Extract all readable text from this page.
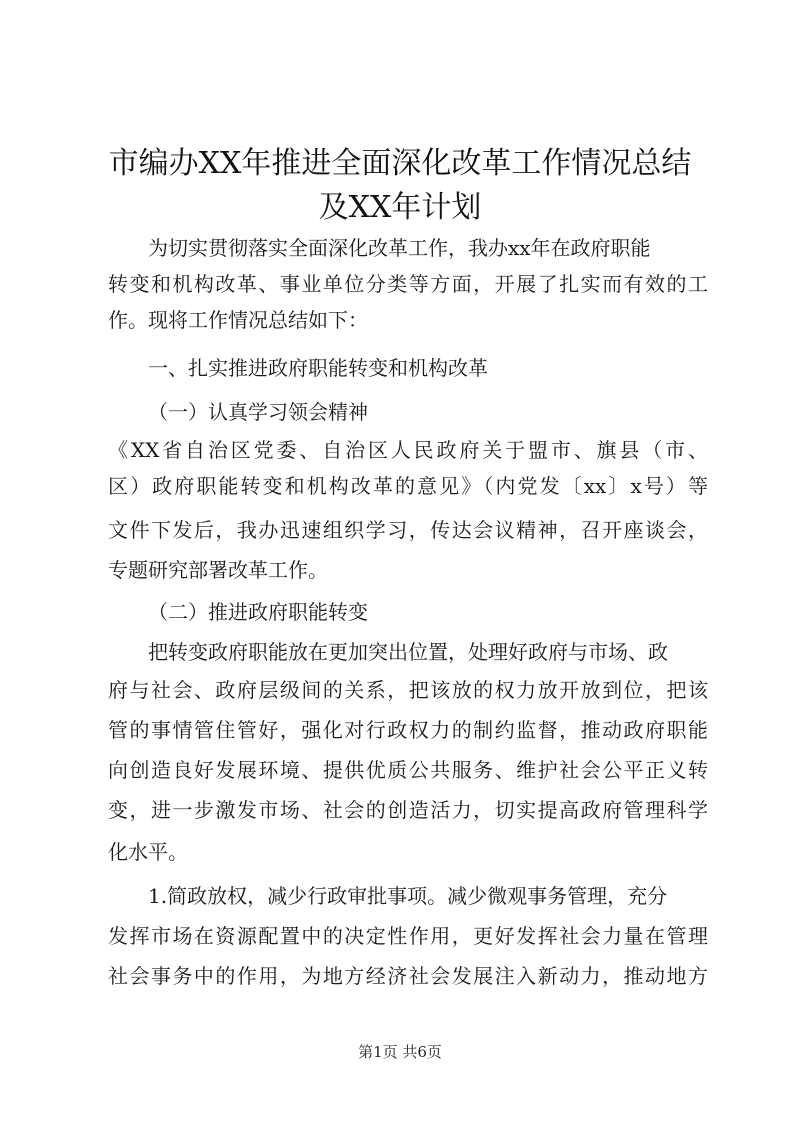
市编办XX年推进全面深化改革工作情况总结
及XX年计划
为切实贯彻落实全面深化改革工作，我办xx年在政府职能
转变和机构改革、事业单位分类等方面，开展了扎实而有效的工
作。现将工作情况总结如下：
一、扎实推进政府职能转变和机构改革
（一）认真学习领会精神
《XX省自治区党委、自治区人民政府关于盟市、旗县（市、
区）政府职能转变和机构改革的意见》（内党发〔xx〕x号）等
文件下发后，我办迅速组织学习，传达会议精神，召开座谈会，
专题研究部署改革工作。
（二）推进政府职能转变
把转变政府职能放在更加突出位置，处理好政府与市场、政
府与社会、政府层级间的关系，把该放的权力放开放到位，把该
管的事情管住管好，强化对行政权力的制约监督，推动政府职能
向创造良好发展环境、提供优质公共服务、维护社会公平正义转
变，进一步激发市场、社会的创造活力，切实提高政府管理科学
化水平。
1.简政放权，减少行政审批事项。减少微观事务管理，充分
发挥市场在资源配置中的决定性作用，更好发挥社会力量在管理
社会事务中的作用，为地方经济社会发展注入新动力，推动地方
第1页 共6页
